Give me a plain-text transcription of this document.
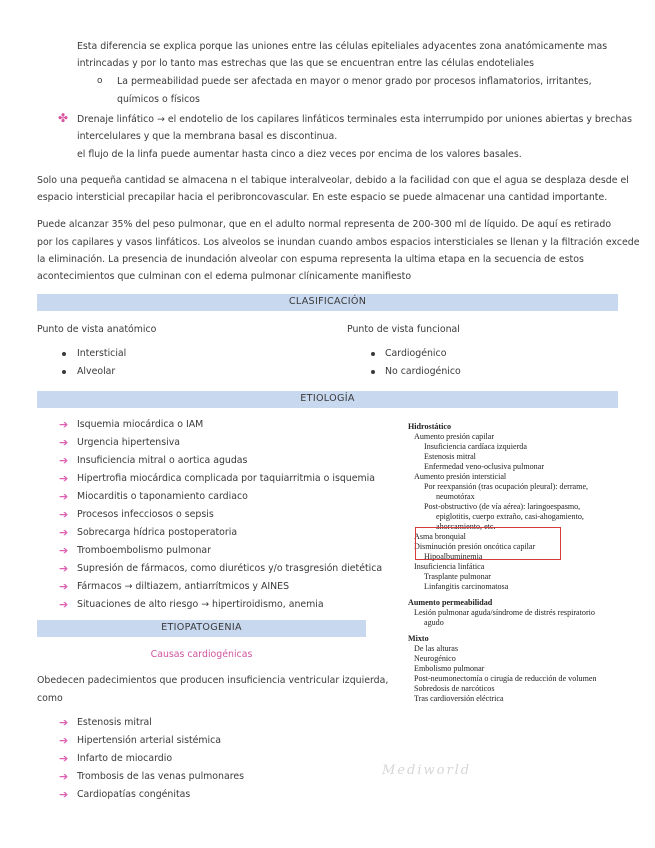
Esta diferencia se explica porque las uniones entre las células epiteliales adyacentes zona anatómicamente mas
intrincadas y por lo tanto mas estrechas que las que se encuentran entre las células endoteliales
o La permeabilidad puede ser afectada en mayor o menor grado por procesos inflamatorios, irritantes,
químicos o físicos
✤ Drenaje linfático → el endotelio de los capilares linfáticos terminales esta interrumpido por uniones abiertas y brechas
intercelulares y que la membrana basal es discontinua.
el flujo de la linfa puede aumentar hasta cinco a diez veces por encima de los valores basales.
Solo una pequeña cantidad se almacena n el tabique interalveolar, debido a la facilidad con que el agua se desplaza desde el
espacio intersticial precapilar hacia el peribroncovascular. En este espacio se puede almacenar una cantidad importante.
Puede alcanzar 35% del peso pulmonar, que en el adulto normal representa de 200-300 ml de líquido. De aquí es retirado
por los capilares y vasos linfáticos. Los alveolos se inundan cuando ambos espacios intersticiales se llenan y la filtración excede
la eliminación. La presencia de inundación alveolar con espuma representa la ultima etapa en la secuencia de estos
acontecimientos que culminan con el edema pulmonar clínicamente manifiesto
CLASIFICACIÓN
Punto de vista anatómico
Intersticial
Alveolar
Punto de vista funcional
Cardiogénico
No cardiogénico
ETIOLOGÍA
➔ Isquemia miocárdica o IAM
➔ Urgencia hipertensiva
➔ Insuficiencia mitral o aortica agudas
➔ Hipertrofia miocárdica complicada por taquiarritmia o isquemia
➔ Miocarditis o taponamiento cardiaco
➔ Procesos infecciosos o sepsis
➔ Sobrecarga hídrica postoperatoria
➔ Tromboembolismo pulmonar
➔ Supresión de fármacos, como diuréticos y/o trasgresión dietética
➔ Fármacos → diltiazem, antiarrítmicos y AINES
➔ Situaciones de alto riesgo → hipertiroidismo, anemia
ETIOPATOGENIA
Causas cardiogénicas
Obedecen padecimientos que producen insuficiencia ventricular izquierda,
como
➔ Estenosis mitral
➔ Hipertensión arterial sistémica
➔ Infarto de miocardio
➔ Trombosis de las venas pulmonares
➔ Cardiopatías congénitas
Hidrostático
Aumento presión capilar
Insuficiencia cardíaca izquierda
Estenosis mitral
Enfermedad veno-oclusiva pulmonar
Aumento presión intersticial
Por reexpansión (tras ocupación pleural): derrame,
neumotórax
Post-obstructivo (de vía aérea): laringoespasmo,
epiglotitis, cuerpo extraño, casi-ahogamiento,
ahorcamiento, etc.
Asma bronquial
Disminución presión oncótica capilar
Hipoalbuminemia
Insuficiencia linfática
Trasplante pulmonar
Linfangitis carcinomatosa
Aumento permeabilidad
Lesión pulmonar aguda/síndrome de distrés respiratorio
agudo
Mixto
De las alturas
Neurogénico
Embolismo pulmonar
Post-neumonectomía o cirugía de reducción de volumen
Sobredosis de narcóticos
Tras cardioversión eléctrica
Mediworld
